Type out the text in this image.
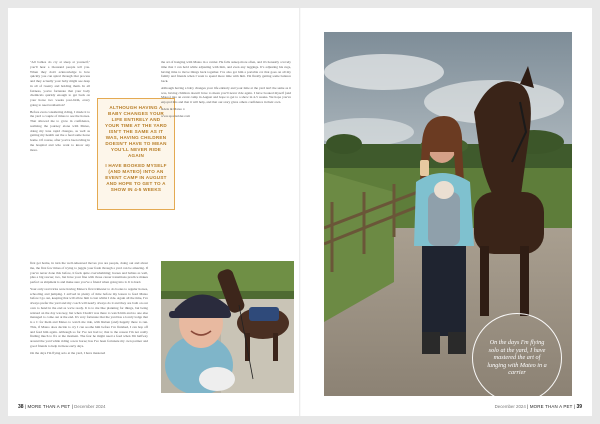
"All babies do cry at sleep at yourself," you'll hear a thousand people tell you. When they don't acknowledge is how quickly you can spiral through that process and they actually your baby might see deep in all of twenty and holding them. In all fairness, you're fortunate that your body chemicals quickly enough to get back on your horse two weeks post-birth, every going to need realisation?

Before even considering riding, I made it to the yard a couple of times to see the horses. That allowed me to grow in confidence, realising the journey alone with Mateo, doing my lone rapid changes, as well as getting my health out the a feed some horse home. Of course, after you've been riding in the hospital and who want to know any more.

ALTHOUGH HAVING A BABY CHANGES YOUR LIFE ENTIRELY AND YOUR TIME AT THE YARD ISN'T THE SAME AS IT WAS, HAVING CHILDREN DOESN'T HAVE TO MEAN YOU'LL NEVER RIDE AGAIN

I HAVE BOOKED MYSELF (AND MATEO) INTO AN EVENT CAMP IN AUGUST AND HOPE TO GET TO A SHOW IN 4-5 WEEKS

first get home, in turn the well-rehearsed moves you are people, doing out and about me, the first few times of trying to juggle your fresh through a yard can be amazing. If you've never done this before, it feels quite overwhelming; horses and babies as well, plus a big rescue; two, but have your fine with those career transitions practice makes perfect as shipment is and make sure you've a friend when going into it. It is hard.

Your only real tricks were having Mateo's first trimester to do books to regular horses, schooling and jumping. I arrived in plenty of time before my lesson to feed Mateo before I go out, keeping that will allow him to last whilst I ride. Again all the time, I've always prefer the yard and my coach will nearly always do it and they are both on our own to hand in the end as we're ready. It is to me like planning for things, but being relaxed on the day was key, but when I hadn't was there to watch him and no one else managed to come out at the end. It's very fortunate that the yard has a lovely lodge that is a C for them and Mateo to watch me ride, with Ruben (and) happily there to run. This, if Mateo does decide to cry I can soothe him before I've finished, I can hop off and feed him again. Although so far I've not had to; that is the reason I'm not really finding much to fix at the moment. The fear he might need a feed when I'm halfway around the yard while riding a new horse; has I've been fortunate my own partner and good friends to help in these early days.

On the days I'm flying solo at the yard, I have mastered

the art of hanging with Mateo in a carrier. He falls asleep more often, and it's honestly a lovely time that I can hold while adjusting with him, and even any leggings. It's adjusting his rugs, having time to move things back together. I've also got him a portable cot that goes on all my family and friends when I want to spend more time with him. I'm finally getting some balance back.

Although having a baby changes your life entirely and your time at the yard isn't the same as it was, having children doesn't have to mean you'll never ride again. I have booked myself (and Mateo) into an event camp in August and hope to get to a show in 4-5 weeks. We hope you've enjoyed this and that it will help, and that our story gives others confidence in their own.

Adele & Mateo x

www.sportsrider.com

38 | MORE THAN A PET | December 2024
On the days I'm flying solo at the yard, I have mastered the art of lunging with Mateo in a carrier
December 2024 | MORE THAN A PET | 39
